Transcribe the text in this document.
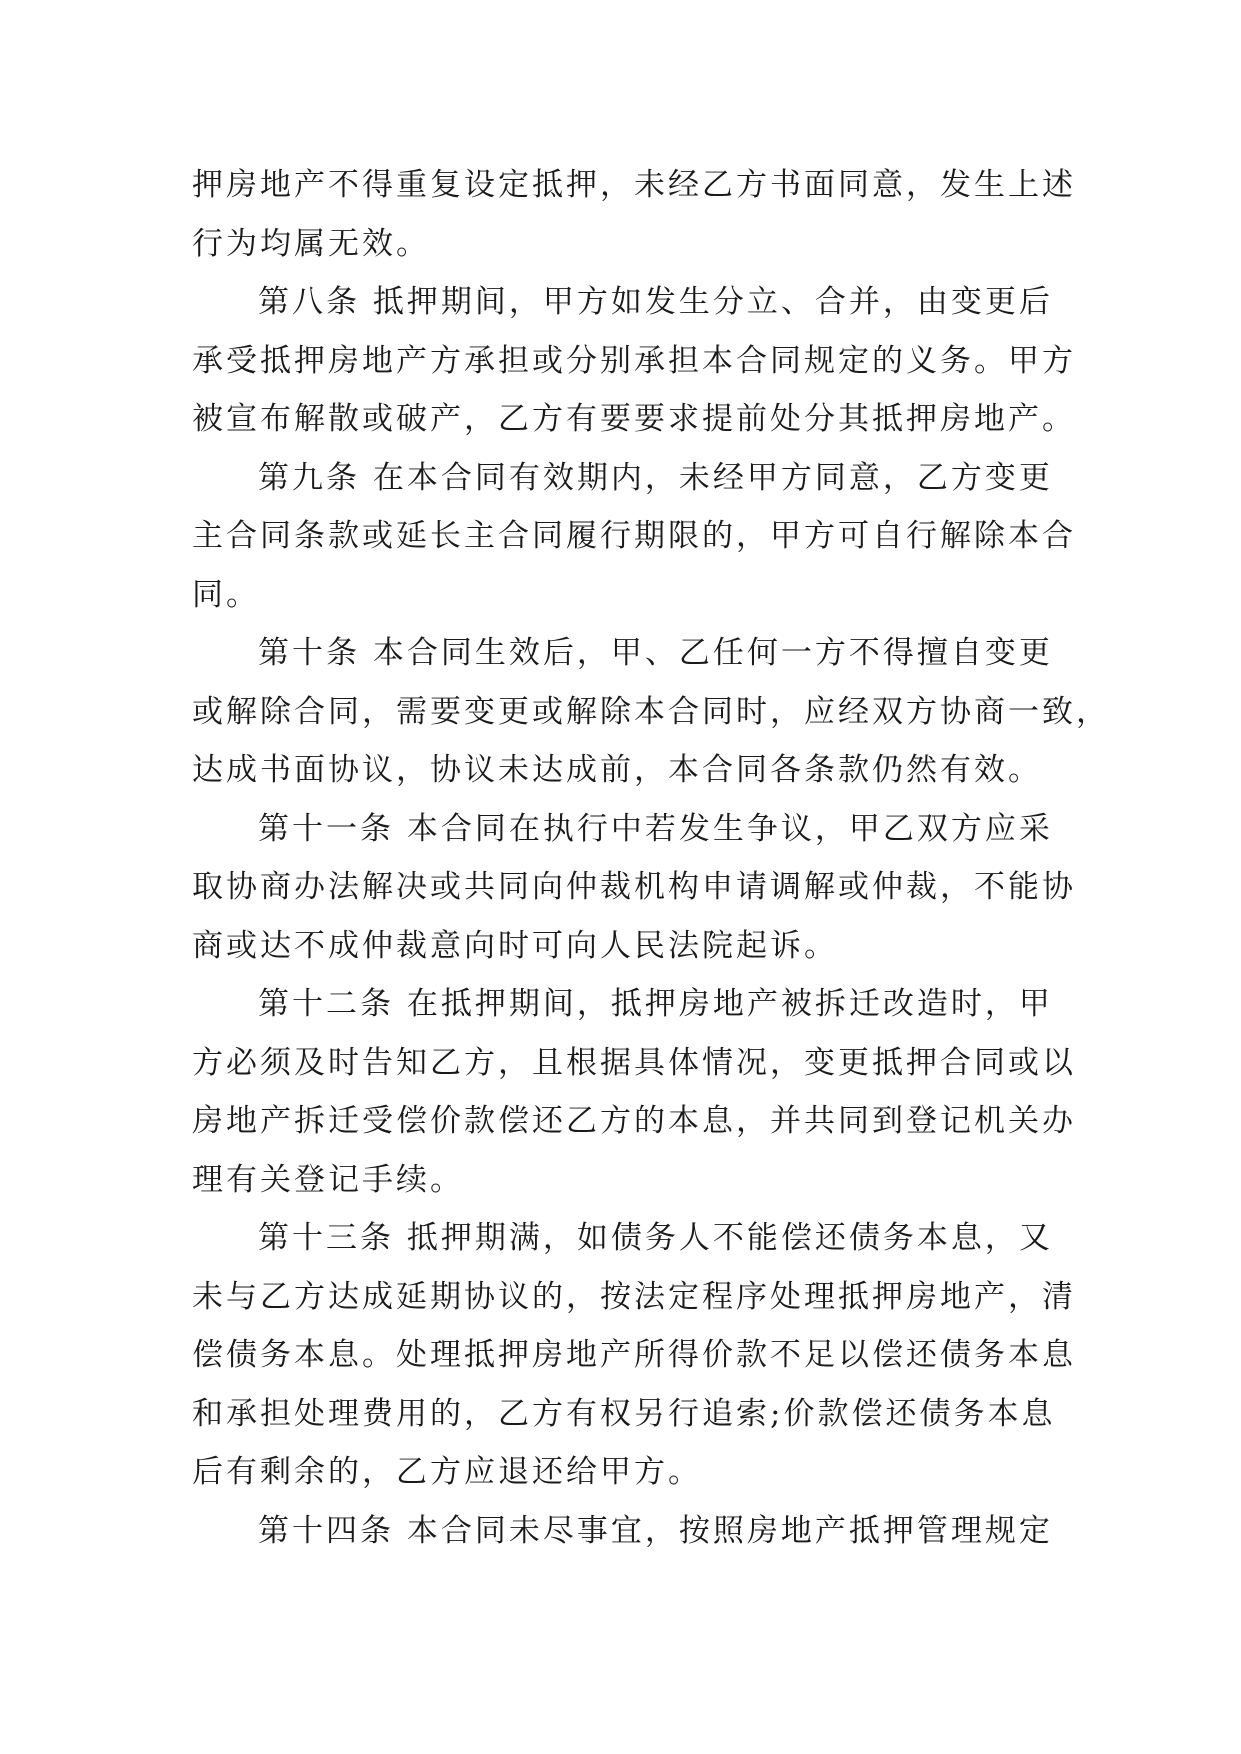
押房地产不得重复设定抵押，未经乙方书面同意，发生上述
行为均属无效。
第八条 抵押期间，甲方如发生分立、合并，由变更后
承受抵押房地产方承担或分别承担本合同规定的义务。甲方
被宣布解散或破产，乙方有要要求提前处分其抵押房地产。
第九条 在本合同有效期内，未经甲方同意，乙方变更
主合同条款或延长主合同履行期限的，甲方可自行解除本合
同。
第十条 本合同生效后，甲、乙任何一方不得擅自变更
或解除合同，需要变更或解除本合同时，应经双方协商一致，
达成书面协议，协议未达成前，本合同各条款仍然有效。
第十一条 本合同在执行中若发生争议，甲乙双方应采
取协商办法解决或共同向仲裁机构申请调解或仲裁，不能协
商或达不成仲裁意向时可向人民法院起诉。
第十二条 在抵押期间，抵押房地产被拆迁改造时，甲
方必须及时告知乙方，且根据具体情况，变更抵押合同或以
房地产拆迁受偿价款偿还乙方的本息，并共同到登记机关办
理有关登记手续。
第十三条 抵押期满，如债务人不能偿还债务本息，又
未与乙方达成延期协议的，按法定程序处理抵押房地产，清
偿债务本息。处理抵押房地产所得价款不足以偿还债务本息
和承担处理费用的，乙方有权另行追索;价款偿还债务本息
后有剩余的，乙方应退还给甲方。
第十四条 本合同未尽事宜，按照房地产抵押管理规定
